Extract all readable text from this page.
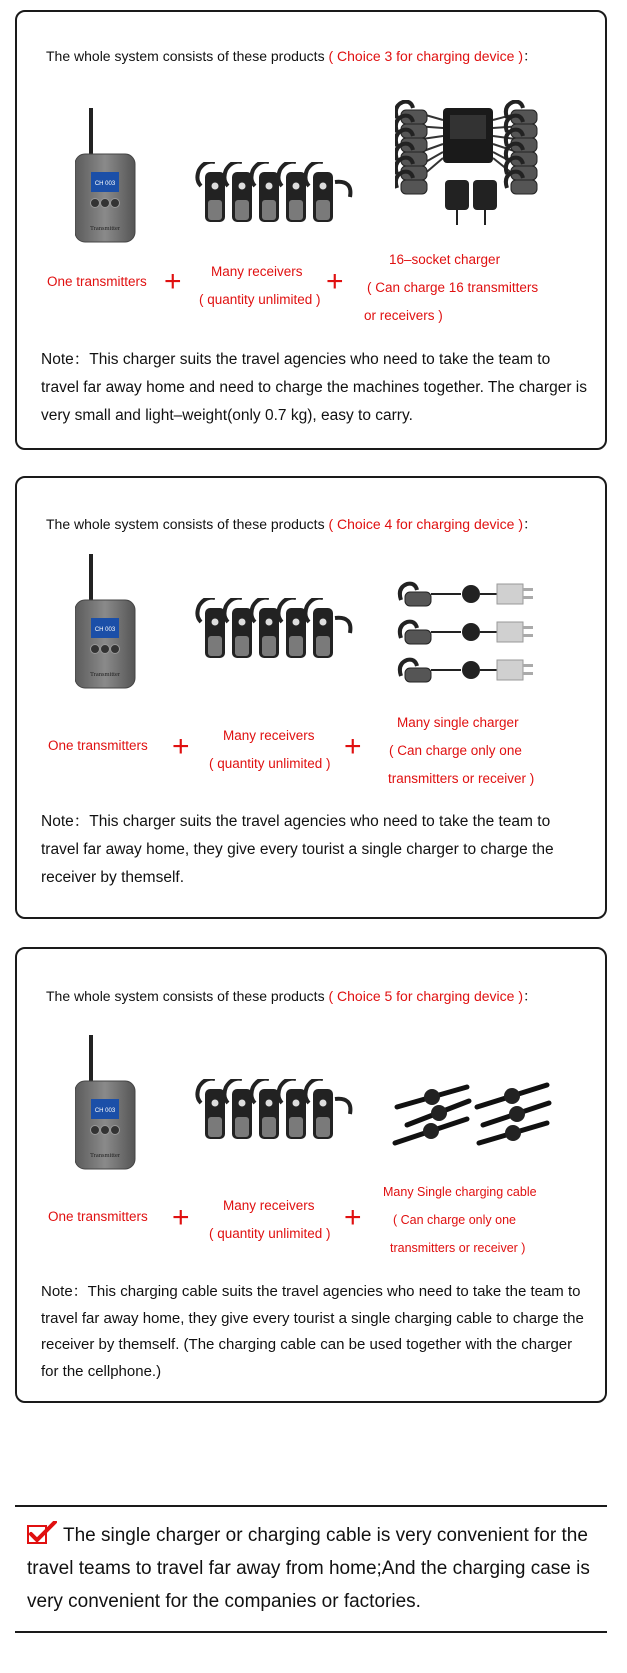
The whole system consists of these products ( Choice 3 for charging device )：
One transmitters + Many receivers
( quantity unlimited )
+
16–socket charger
( Can charge 16 transmitters
or receivers )
Note：This charger suits the travel agencies who need to take the team to travel far away home and need to charge the machines together. The charger is very small and light–weight(only 0.7 kg), easy to carry.
The whole system consists of these products ( Choice 4 for charging device )：
One transmitters + Many receivers
( quantity unlimited )
+
Many single charger
( Can charge only one
transmitters or receiver )
Note：This charger suits the travel agencies who need to take the team to travel far away home, they give every tourist a single charger to charge the receiver by themself.
The whole system consists of these products ( Choice 5 for charging device )：
One transmitters + Many receivers
( quantity unlimited ) +
Many Single charging cable
( Can charge only one
transmitters or receiver )
Note：This charging cable suits the travel agencies who need to take the team to travel far away home, they give every tourist a single charging cable to charge the receiver by themself. (The charging cable can be used together with the charger for the cellphone.)
The single charger or charging cable is very convenient for the travel teams to travel far away from home;And the charging case is very convenient for the companies or factories.
